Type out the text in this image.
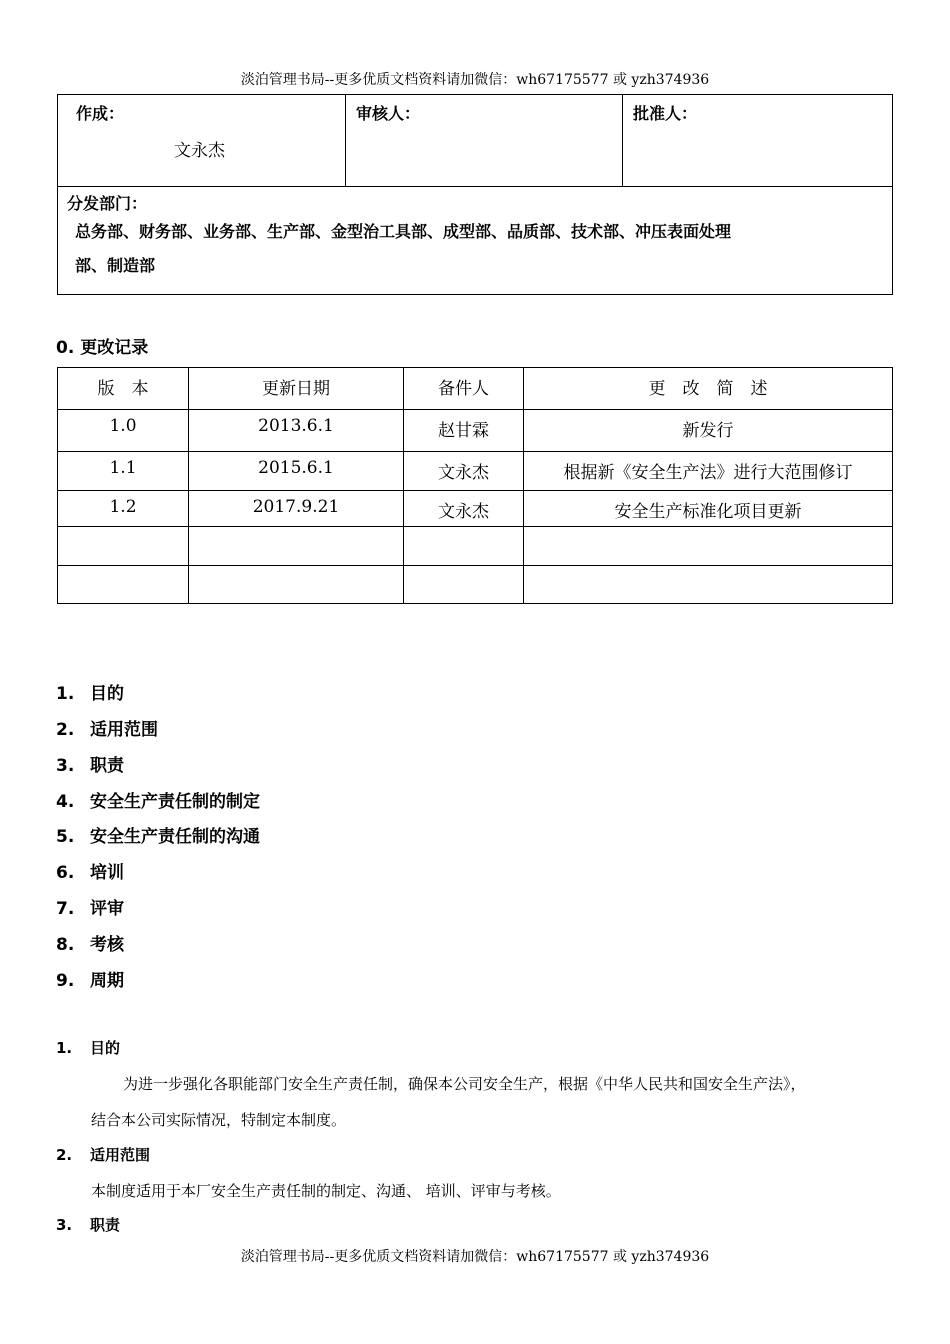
淡泊管理书局--更多优质文档资料请加微信：wh67175577 或 yzh374936
作成：
文永杰

审核人：	批准人：

分发部门：
总务部、财务部、业务部、生产部、金型治工具部、成型部、品质部、技术部、冲压表面处理
部、制造部
0. 更改记录
版　本	更新日期	备件人	更　改　简　述
1.0	2013.6.1	赵甘霖	新发行
1.1	2015.6.1	文永杰	根据新《安全生产法》进行大范围修订
1.2	2017.9.21	文永杰	安全生产标准化项目更新

1. 目的
2. 适用范围
3. 职责
4. 安全生产责任制的制定
5. 安全生产责任制的沟通
6. 培训
7. 评审
8. 考核
9. 周期
1. 目的
为进一步强化各职能部门安全生产责任制，确保本公司安全生产，根据《中华人民共和国安全生产法》，
结合本公司实际情况，特制定本制度。
2. 适用范围
本制度适用于本厂安全生产责任制的制定、沟通、 培训、评审与考核。
3. 职责
淡泊管理书局--更多优质文档资料请加微信：wh67175577 或 yzh374936
